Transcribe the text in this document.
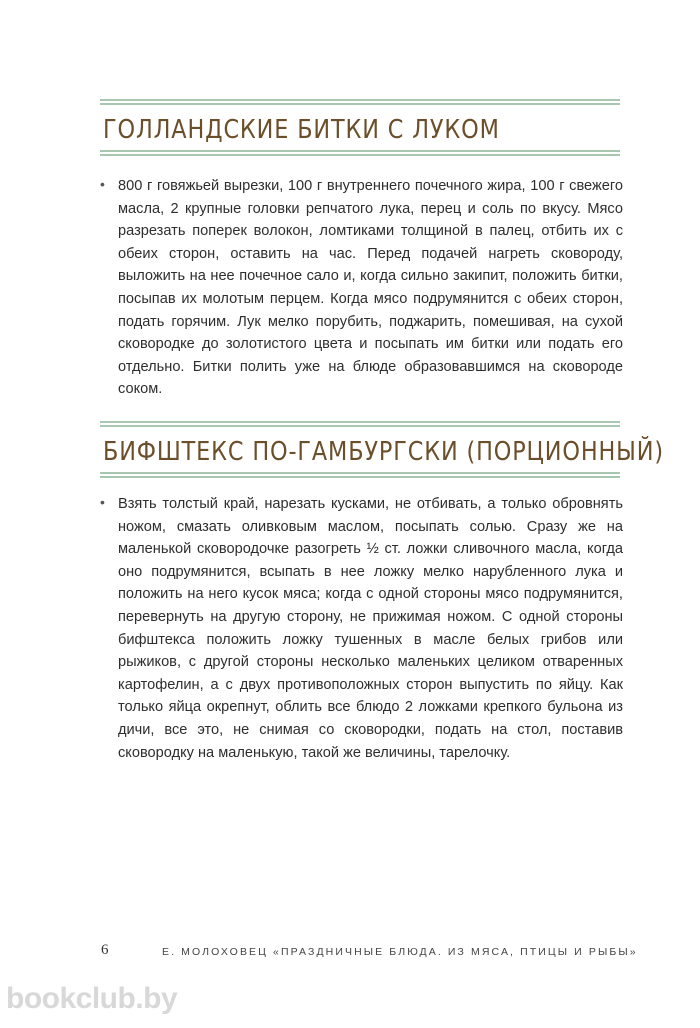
ГОЛЛАНДСКИЕ БИТКИ С ЛУКОМ
• 800 г говяжьей вырезки, 100 г внутреннего почечного жира, 100 г свежего масла, 2 крупные головки репчатого лука, перец и соль по вкусу. Мясо разрезать поперек волокон, ломтиками толщиной в палец, отбить их с обеих сторон, оставить на час. Перед подачей нагреть сковороду, выложить на нее почечное сало и, когда сильно закипит, положить битки, посыпав их молотым перцем. Когда мясо подрумянится с обеих сторон, подать горячим. Лук мелко порубить, поджарить, помешивая, на сухой сковородке до золотистого цвета и посыпать им битки или подать его отдельно. Битки полить уже на блюде образовавшимся на сковороде соком.
БИФШТЕКС ПО-ГАМБУРГСКИ (ПОРЦИОННЫЙ)
• Взять толстый край, нарезать кусками, не отбивать, а только обровнять ножом, смазать оливковым маслом, посыпать солью. Сразу же на маленькой сковородочке разогреть ½ ст. ложки сливочного масла, когда оно подрумянится, всыпать в нее ложку мелко нарубленного лука и положить на него кусок мяса; когда с одной стороны мясо подрумянится, перевернуть на другую сторону, не прижимая ножом. С одной стороны бифштекса положить ложку тушенных в масле белых грибов или рыжиков, с другой стороны несколько маленьких целиком отваренных картофелин, а с двух противоположных сторон выпустить по яйцу. Как только яйца окрепнут, облить все блюдо 2 ложками крепкого бульона из дичи, все это, не снимая со сковородки, подать на стол, поставив сковородку на маленькую, такой же величины, тарелочку.
6	Е. МОЛОХОВЕЦ «ПРАЗДНИЧНЫЕ БЛЮДА. ИЗ МЯСА, ПТИЦЫ И РЫБЫ»
bookclub.by
